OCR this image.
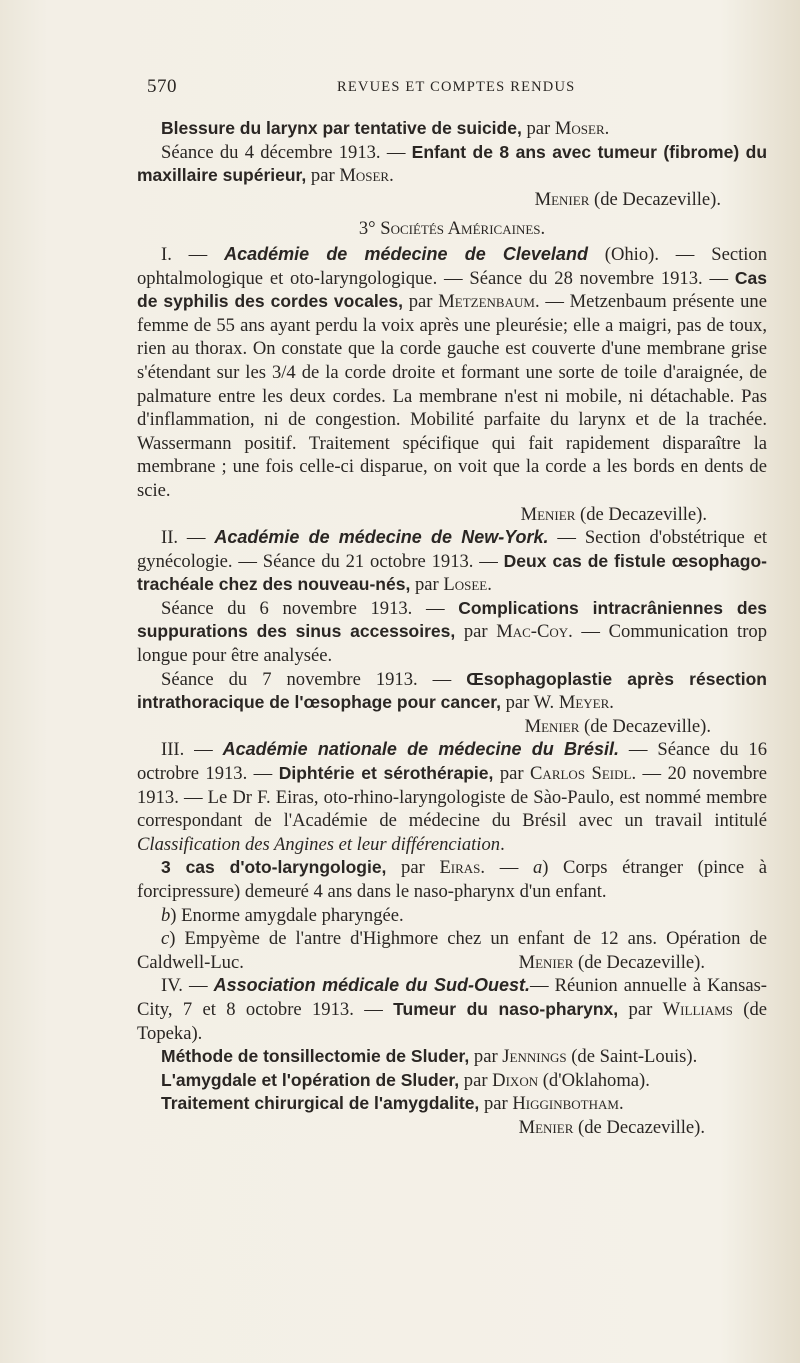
570	REVUES ET COMPTES RENDUS

Blessure du larynx par tentative de suicide, par Moser.

Séance du 4 décembre 1913. — Enfant de 8 ans avec tumeur (fibrome) du maxillaire supérieur, par Moser.

Menier (de Decazeville).

3° Sociétés Américaines.

I. — Académie de médecine de Cleveland (Ohio). — Section ophtalmologique et oto-laryngologique. — Séance du 28 novembre 1913. — Cas de syphilis des cordes vocales, par Metzenbaum. — Metzenbaum présente une femme de 55 ans ayant perdu la voix après une pleurésie; elle a maigri, pas de toux, rien au thorax. On constate que la corde gauche est couverte d'une membrane grise s'étendant sur les 3/4 de la corde droite et formant une sorte de toile d'araignée, de palmature entre les deux cordes. La membrane n'est ni mobile, ni détachable. Pas d'inflammation, ni de congestion. Mobilité parfaite du larynx et de la trachée. Wassermann positif. Traitement spécifique qui fait rapidement disparaître la membrane ; une fois celle-ci disparue, on voit que la corde a les bords en dents de scie.

Menier (de Decazeville).

II. — Académie de médecine de New-York. — Section d'obstétrique et gynécologie. — Séance du 21 octobre 1913. — Deux cas de fistule œsophago-trachéale chez des nouveau-nés, par Losee.

Séance du 6 novembre 1913. — Complications intracrâniennes des suppurations des sinus accessoires, par Mac-Coy. — Communication trop longue pour être analysée.

Séance du 7 novembre 1913. — Œsophagoplastie après résection intrathoracique de l'œsophage pour cancer, par W. Meyer.

Menier (de Decazeville).

III. — Académie nationale de médecine du Brésil. — Séance du 16 octrobre 1913. — Diphtérie et sérothérapie, par Carlos Seidl. — 20 novembre 1913. — Le Dr F. Eiras, oto-rhino-laryngologiste de Sào-Paulo, est nommé membre correspondant de l'Académie de médecine du Brésil avec un travail intitulé Classification des Angines et leur différenciation.

3 cas d'oto-laryngologie, par Eiras. — a) Corps étranger (pince à forcipressure) demeuré 4 ans dans le naso-pharynx d'un enfant.

b) Enorme amygdale pharyngée.

c) Empyème de l'antre d'Highmore chez un enfant de 12 ans. Opération de Caldwell-Luc.	Menier (de Decazeville).

IV. — Association médicale du Sud-Ouest.— Réunion annuelle à Kansas-City, 7 et 8 octobre 1913. — Tumeur du naso-pharynx, par Williams (de Topeka).

Méthode de tonsillectomie de Sluder, par Jennings (de Saint-Louis).

L'amygdale et l'opération de Sluder, par Dixon (d'Oklahoma).

Traitement chirurgical de l'amygdalite, par Higginbotham.

Menier (de Decazeville).
